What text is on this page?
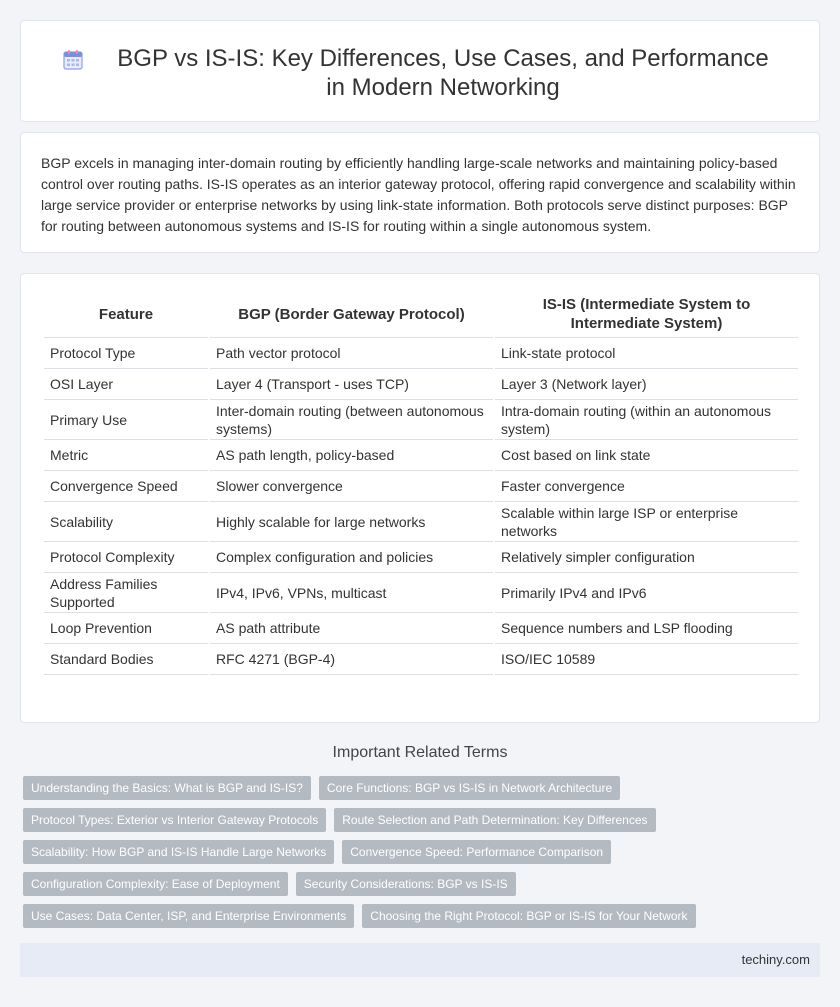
BGP vs IS-IS: Key Differences, Use Cases, and Performance in Modern Networking

BGP excels in managing inter-domain routing by efficiently handling large-scale networks and maintaining policy-based control over routing paths. IS-IS operates as an interior gateway protocol, offering rapid convergence and scalability within large service provider or enterprise networks by using link-state information. Both protocols serve distinct purposes: BGP for routing between autonomous systems and IS-IS for routing within a single autonomous system.

Feature	BGP (Border Gateway Protocol)	IS-IS (Intermediate System to Intermediate System)
Protocol Type	Path vector protocol	Link-state protocol
OSI Layer	Layer 4 (Transport - uses TCP)	Layer 3 (Network layer)
Primary Use	Inter-domain routing (between autonomous systems)	Intra-domain routing (within an autonomous system)
Metric	AS path length, policy-based	Cost based on link state
Convergence Speed	Slower convergence	Faster convergence
Scalability	Highly scalable for large networks	Scalable within large ISP or enterprise networks
Protocol Complexity	Complex configuration and policies	Relatively simpler configuration
Address Families Supported	IPv4, IPv6, VPNs, multicast	Primarily IPv4 and IPv6
Loop Prevention	AS path attribute	Sequence numbers and LSP flooding
Standard Bodies	RFC 4271 (BGP-4)	ISO/IEC 10589
Important Related Terms
Understanding the Basics: What is BGP and IS-IS?	Core Functions: BGP vs IS-IS in Network Architecture
Protocol Types: Exterior vs Interior Gateway Protocols	Route Selection and Path Determination: Key Differences
Scalability: How BGP and IS-IS Handle Large Networks	Convergence Speed: Performance Comparison
Configuration Complexity: Ease of Deployment	Security Considerations: BGP vs IS-IS
Use Cases: Data Center, ISP, and Enterprise Environments	Choosing the Right Protocol: BGP or IS-IS for Your Network
techiny.com
